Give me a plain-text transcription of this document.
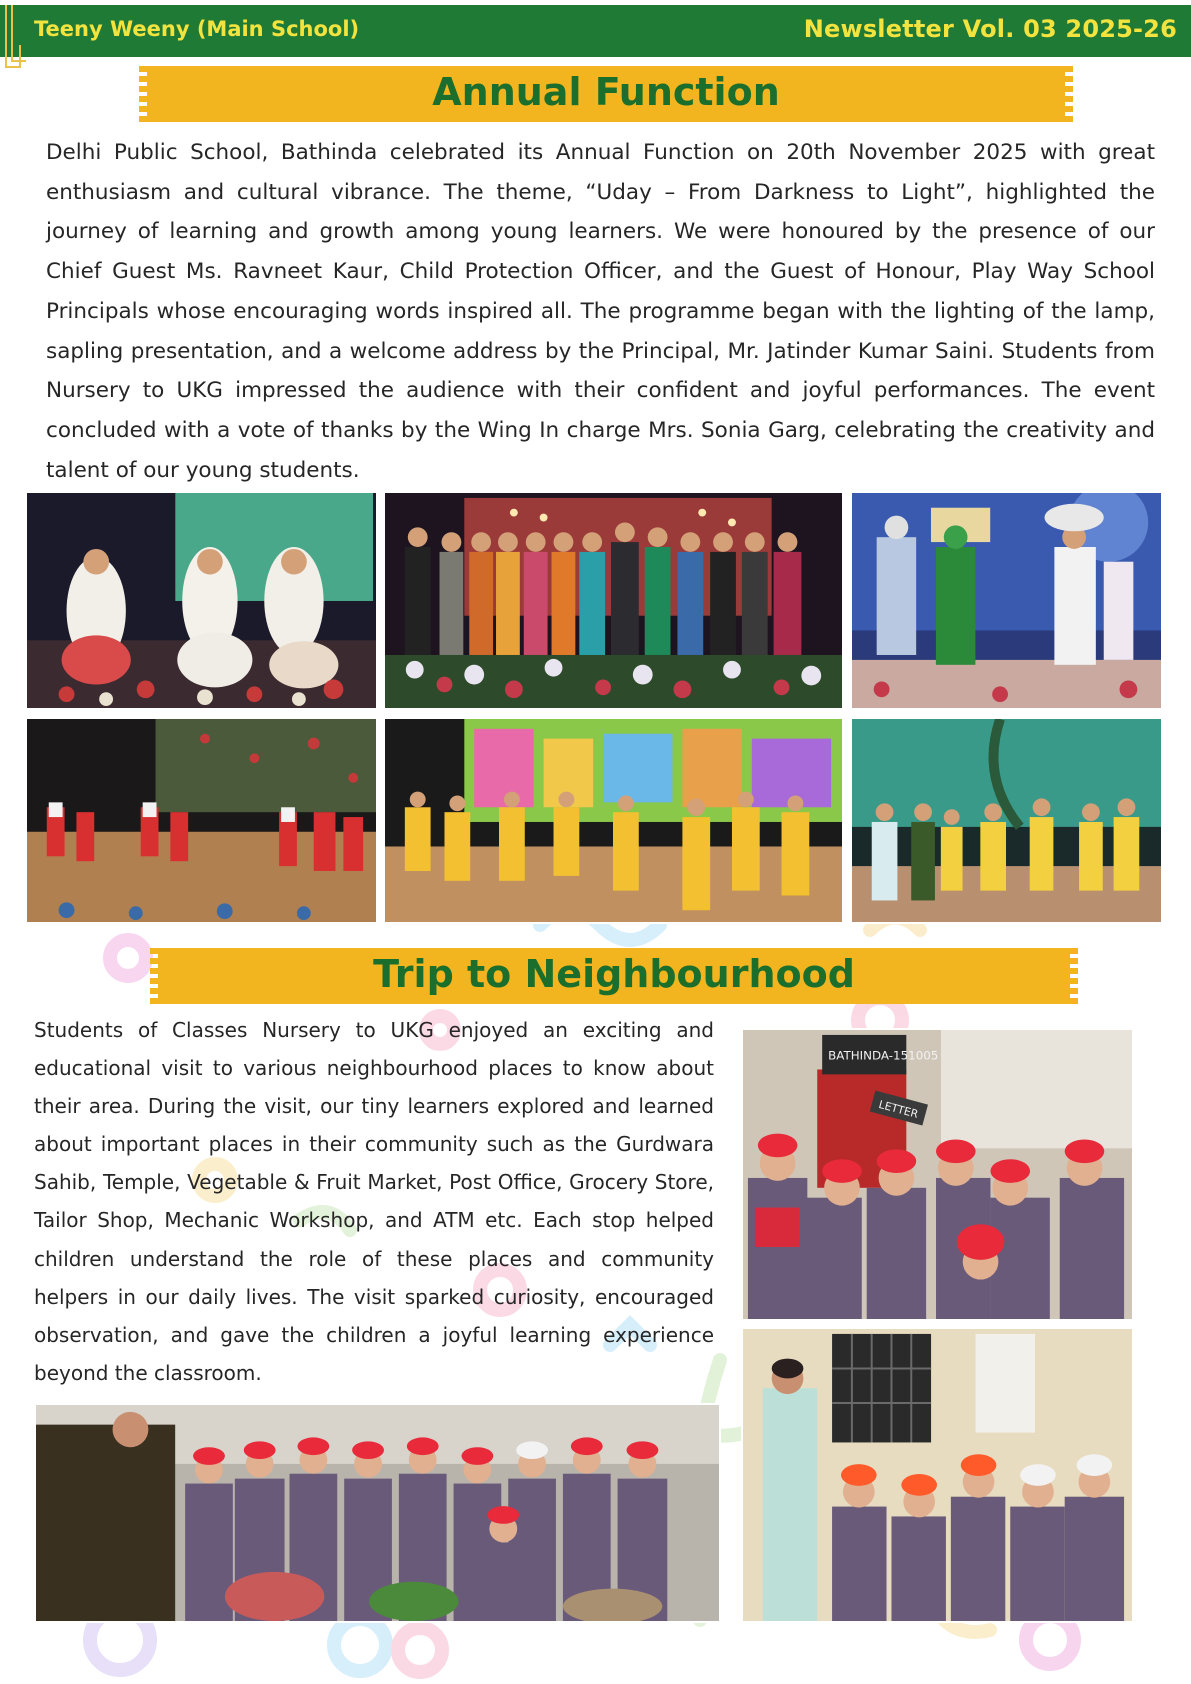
Teeny Weeny (Main School)	Newsletter Vol. 03 2025-26
Annual Function
Delhi Public School, Bathinda celebrated its Annual Function on 20th November 2025 with great enthusiasm and cultural vibrance. The theme, “Uday – From Darkness to Light”, highlighted the journey of learning and growth among young learners. We were honoured by the presence of our Chief Guest Ms. Ravneet Kaur, Child Protection Officer, and the Guest of Honour, Play Way School Principals whose encouraging words inspired all. The programme began with the lighting of the lamp, sapling presentation, and a welcome address by the Principal, Mr. Jatinder Kumar Saini. Students from Nursery to UKG impressed the audience with their confident and joyful performances. The event concluded with a vote of thanks by the Wing In charge Mrs. Sonia Garg, celebrating the creativity and talent of our young students.
Trip to Neighbourhood
Students of Classes Nursery to UKG enjoyed an exciting and educational visit to various neighbourhood places to know about their area. During the visit, our tiny learners explored and learned about important places in their community such as the Gurdwara Sahib, Temple, Vegetable & Fruit Market, Post Office, Grocery Store, Tailor Shop, Mechanic Workshop, and ATM etc. Each stop helped children understand the role of these places and community helpers in our daily lives. The visit sparked curiosity, encouraged observation, and gave the children a joyful learning experience beyond the classroom.
BATHINDA-151005
LETTER
